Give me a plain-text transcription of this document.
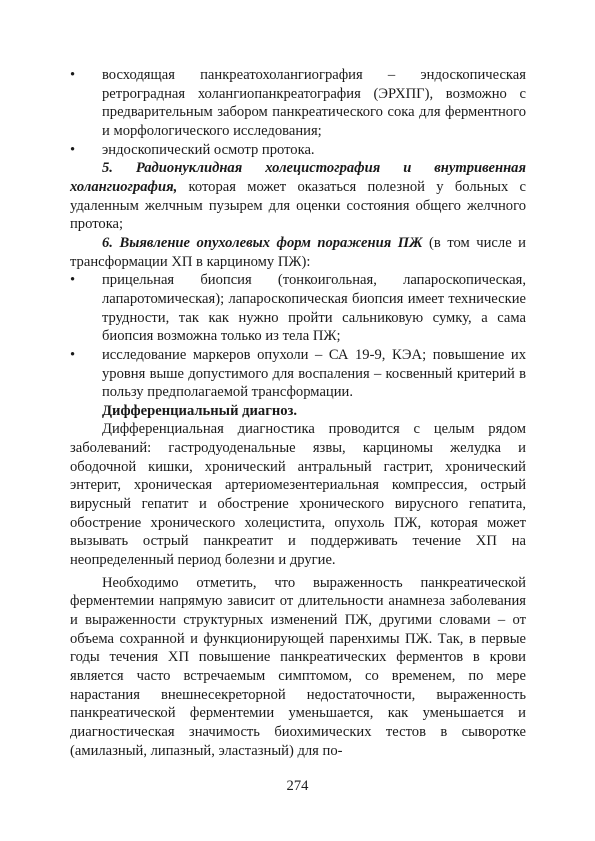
• восходящая панкреатохолангиография – эндоскопическая ретроградная холангиопанкреатография (ЭРХПГ), возможно с предварительным забором панкреатического сока для ферментного и морфологического исследования;
• эндоскопический осмотр протока.
5. Радионуклидная холецистография и внутривенная холангиография, которая может оказаться полезной у больных с удаленным желчным пузырем для оценки состояния общего желчного протока;
6. Выявление опухолевых форм поражения ПЖ (в том числе и трансформации ХП в карциному ПЖ):
• прицельная биопсия (тонкоигольная, лапароскопическая, лапаротомическая); лапароскопическая биопсия имеет технические трудности, так как нужно пройти сальниковую сумку, а сама биопсия возможна только из тела ПЖ;
• исследование маркеров опухоли – СА 19-9, КЭА; повышение их уровня выше допустимого для воспаления – косвенный критерий в пользу предполагаемой трансформации.
Дифференциальный диагноз.
Дифференциальная диагностика проводится с целым рядом заболеваний: гастродуоденальные язвы, карциномы желудка и ободочной кишки, хронический антральный гастрит, хронический энтерит, хроническая артериомезентериальная компрессия, острый вирусный гепатит и обострение хронического вирусного гепатита, обострение хронического холецистита, опухоль ПЖ, которая может вызывать острый панкреатит и поддерживать течение ХП на неопределенный период болезни и другие.
Необходимо отметить, что выраженность панкреатической ферментемии напрямую зависит от длительности анамнеза заболевания и выраженности структурных изменений ПЖ, другими словами – от объема сохранной и функционирующей паренхимы ПЖ. Так, в первые годы течения ХП повышение панкреатических ферментов в крови является часто встречаемым симптомом, со временем, по мере нарастания внешнесекреторной недостаточности, выраженность панкреатической ферментемии уменьшается, как уменьшается и диагностическая значимость биохимических тестов в сыворотке (амилазный, липазный, эластазный) для по-
274
